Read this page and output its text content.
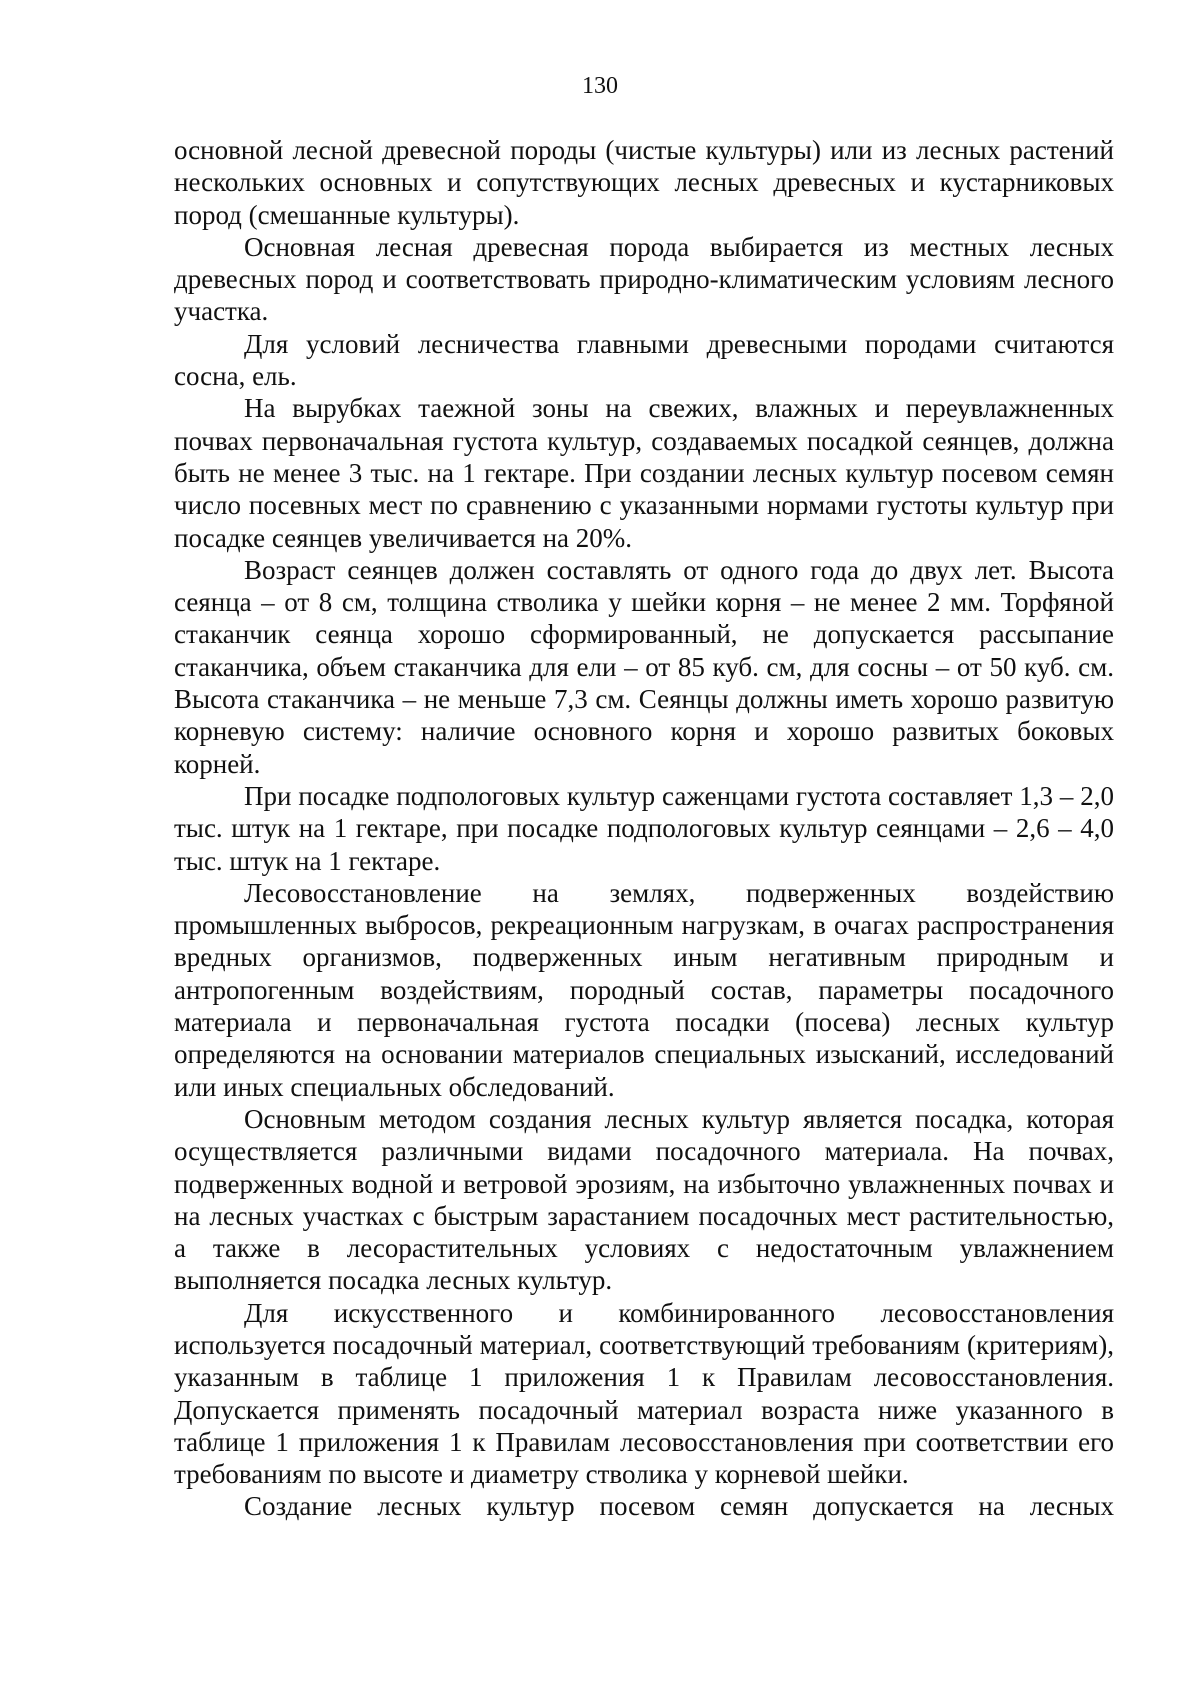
130

основной лесной древесной породы (чистые культуры) или из лесных растений нескольких основных и сопутствующих лесных древесных и кустарниковых пород (смешанные культуры).

Основная лесная древесная порода выбирается из местных лесных древесных пород и соответствовать природно-климатическим условиям лесного участка.

Для условий лесничества главными древесными породами считаются сосна, ель.

На вырубках таежной зоны на свежих, влажных и переувлажненных почвах первоначальная густота культур, создаваемых посадкой сеянцев, должна быть не менее 3 тыс. на 1 гектаре. При создании лесных культур посевом семян число посевных мест по сравнению с указанными нормами густоты культур при посадке сеянцев увеличивается на 20%.

Возраст сеянцев должен составлять от одного года до двух лет. Высота сеянца – от 8 см, толщина стволика у шейки корня – не менее 2 мм. Торфяной стаканчик сеянца хорошо сформированный, не допускается рассыпание стаканчика, объем стаканчика для ели – от 85 куб. см, для сосны – от 50 куб. см. Высота стаканчика – не меньше 7,3 см. Сеянцы должны иметь хорошо развитую корневую систему: наличие основного корня и хорошо развитых боковых корней.

При посадке подпологовых культур саженцами густота составляет 1,3 – 2,0 тыс. штук на 1 гектаре, при посадке подпологовых культур сеянцами – 2,6 – 4,0 тыс. штук на 1 гектаре.

Лесовосстановление на землях, подверженных воздействию промышленных выбросов, рекреационным нагрузкам, в очагах распространения вредных организмов, подверженных иным негативным природным и антропогенным воздействиям, породный состав, параметры посадочного материала и первоначальная густота посадки (посева) лесных культур определяются на основании материалов специальных изысканий, исследований или иных специальных обследований.

Основным методом создания лесных культур является посадка, которая осуществляется различными видами посадочного материала. На почвах, подверженных водной и ветровой эрозиям, на избыточно увлажненных почвах и на лесных участках с быстрым зарастанием посадочных мест растительностью, а также в лесорастительных условиях с недостаточным увлажнением выполняется посадка лесных культур.

Для искусственного и комбинированного лесовосстановления используется посадочный материал, соответствующий требованиям (критериям), указанным в таблице 1 приложения 1 к Правилам лесовосстановления. Допускается применять посадочный материал возраста ниже указанного в таблице 1 приложения 1 к Правилам лесовосстановления при соответствии его требованиям по высоте и диаметру стволика у корневой шейки.

Создание лесных культур посевом семян допускается на лесных
